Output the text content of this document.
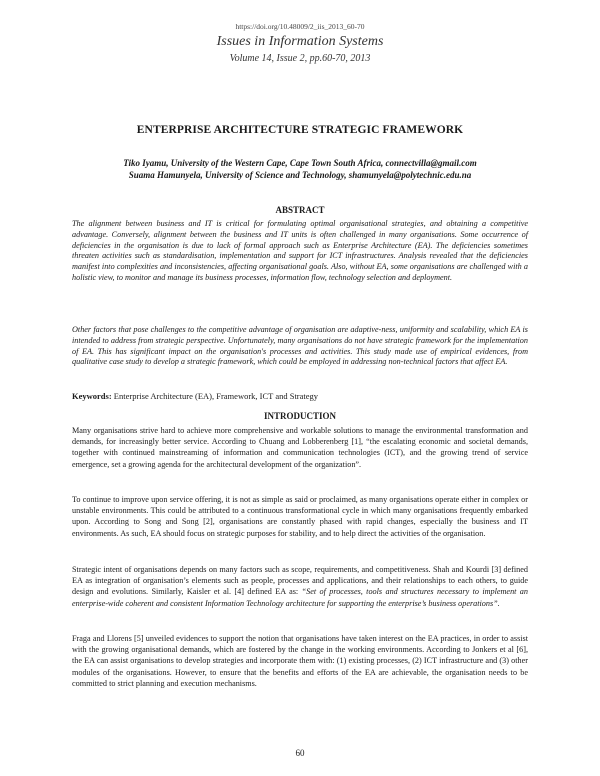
https://doi.org/10.48009/2_iis_2013_60-70
Issues in Information Systems
Volume 14, Issue 2, pp.60-70, 2013
ENTERPRISE ARCHITECTURE STRATEGIC FRAMEWORK
Tiko Iyamu, University of the Western Cape, Cape Town South Africa, connectvilla@gmail.com
Suama Hamunyela, University of Science and Technology, shamunyela@polytechnic.edu.na
ABSTRACT

The alignment between business and IT is critical for formulating optimal organisational strategies, and obtaining a competitive advantage. Conversely, alignment between the business and IT units is often challenged in many organisations. Some occurrence of deficiencies in the organisation is due to lack of formal approach such as Enterprise Architecture (EA). The deficiencies sometimes threaten activities such as standardisation, implementation and support for ICT infrastructures. Analysis revealed that the deficiencies manifest into complexities and inconsistencies, affecting organisational goals. Also, without EA, some organisations are challenged with a holistic view, to monitor and manage its business processes, information flow, technology selection and deployment.

Other factors that pose challenges to the competitive advantage of organisation are adaptive-ness, uniformity and scalability, which EA is intended to address from strategic perspective. Unfortunately, many organisations do not have strategic framework for the implementation of EA. This has significant impact on the organisation's processes and activities. This study made use of empirical evidences, from qualitative case study to develop a strategic framework, which could be employed in addressing non-technical factors that affect EA.

Keywords: Enterprise Architecture (EA), Framework, ICT and Strategy
INTRODUCTION

Many organisations strive hard to achieve more comprehensive and workable solutions to manage the environmental transformation and demands, for increasingly better service. According to Chuang and Lobberenberg [1], “the escalating economic and societal demands, together with continued mainstreaming of information and communication technologies (ICT), and the growing trend of service emergence, set a growing agenda for the architectural development of the organization”.

To continue to improve upon service offering, it is not as simple as said or proclaimed, as many organisations operate either in complex or unstable environments. This could be attributed to a continuous transformational cycle in which many organisations frequently embarked upon. According to Song and Song [2], organisations are constantly phased with rapid changes, especially the business and IT environments. As such, EA should focus on strategic purposes for stability, and to help direct the activities of the organisation.

Strategic intent of organisations depends on many factors such as scope, requirements, and competitiveness. Shah and Kourdi [3] defined EA as integration of organisation’s elements such as people, processes and applications, and their relationships to each others, to guide design and evolutions. Similarly, Kaisler et al. [4] defined EA as: “Set of processes, tools and structures necessary to implement an enterprise-wide coherent and consistent Information Technology architecture for supporting the enterprise’s business operations”.

Fraga and Llorens [5] unveiled evidences to support the notion that organisations have taken interest on the EA practices, in order to assist with the growing organisational demands, which are fostered by the change in the working environments. According to Jonkers et al [6], the EA can assist organisations to develop strategies and incorporate them with: (1) existing processes, (2) ICT infrastructure and (3) other modules of the organisations. However, to ensure that the benefits and efforts of the EA are achievable, the organisation needs to be committed to strict planning and execution mechanisms.

60
